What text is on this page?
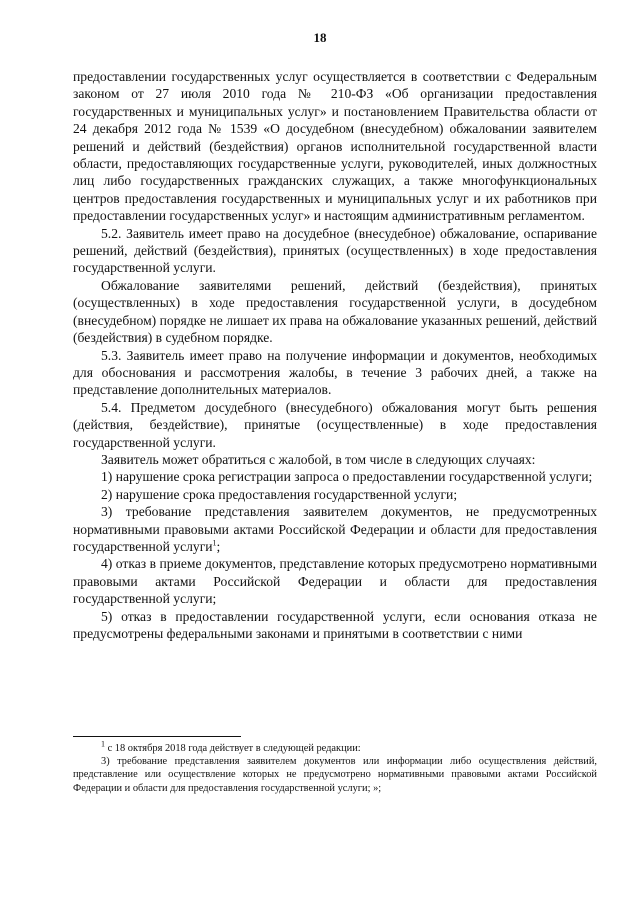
18

предоставлении государственных услуг осуществляется в соответствии с Федеральным законом от 27 июля 2010 года № 210-ФЗ «Об организации предоставления государственных и муниципальных услуг» и постановлением Правительства области от 24 декабря 2012 года № 1539 «О досудебном (внесудебном) обжаловании заявителем решений и действий (бездействия) органов исполнительной государственной власти области, предоставляющих государственные услуги, руководителей, иных должностных лиц либо государственных гражданских служащих, а также многофункциональных центров предоставления государственных и муниципальных услуг и их работников при предоставлении государственных услуг» и настоящим административным регламентом.

5.2. Заявитель имеет право на досудебное (внесудебное) обжалование, оспаривание решений, действий (бездействия), принятых (осуществленных) в ходе предоставления государственной услуги.

Обжалование заявителями решений, действий (бездействия), принятых (осуществленных) в ходе предоставления государственной услуги, в досудебном (внесудебном) порядке не лишает их права на обжалование указанных решений, действий (бездействия) в судебном порядке.

5.3. Заявитель имеет право на получение информации и документов, необходимых для обоснования и рассмотрения жалобы, в течение 3 рабочих дней, а также на представление дополнительных материалов.

5.4. Предметом досудебного (внесудебного) обжалования могут быть решения (действия, бездействие), принятые (осуществленные) в ходе предоставления государственной услуги.

Заявитель может обратиться с жалобой, в том числе в следующих случаях:

1) нарушение срока регистрации запроса о предоставлении государственной услуги;

2) нарушение срока предоставления государственной услуги;

3) требование представления заявителем документов, не предусмотренных нормативными правовыми актами Российской Федерации и области для предоставления государственной услуги$^1$;

4) отказ в приеме документов, представление которых предусмотрено нормативными правовыми актами Российской Федерации и области для предоставления государственной услуги;

5) отказ в предоставлении государственной услуги, если основания отказа не предусмотрены федеральными законами и принятыми в соответствии с ними

$^1$ с 18 октября 2018 года действует в следующей редакции:

3) требование представления заявителем документов или информации либо осуществления действий, представление или осуществление которых не предусмотрено нормативными правовыми актами Российской Федерации и области для предоставления государственной услуги; »;
